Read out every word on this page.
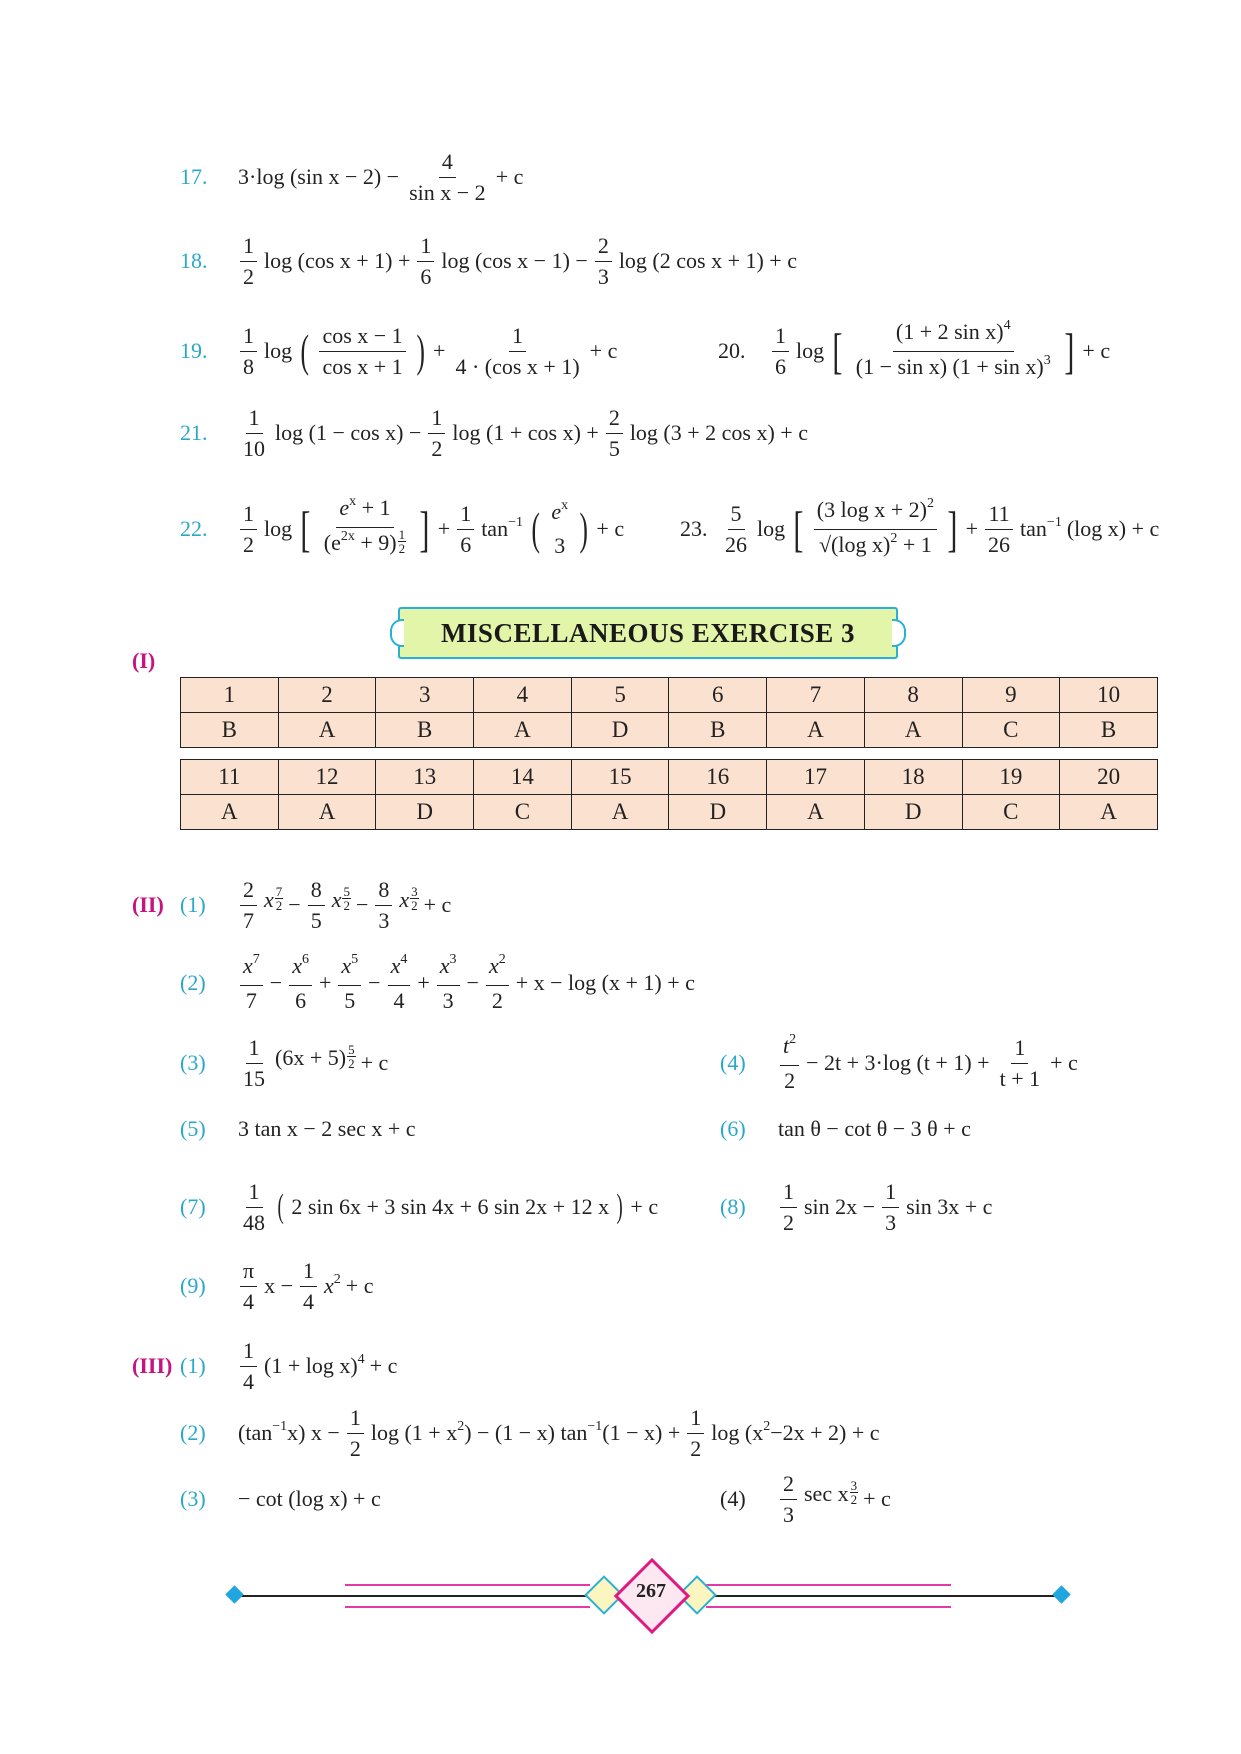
17.	3·log (sin $x - 2) - \frac{4}{\text{sin x − 2}} + c$
18.	$\frac{1}{2}$ log (cos $x + 1) + \frac{1}{6}$ log (cos $x - 1) - \frac{2}{3}$ log (2 cos x + 1) + c
19.	$\frac{1}{8}$ log ( $\frac{\text{cos x − 1}}{\text{cos x + 1}}$ ) + $\frac{1}{\text{4 · (cos x + 1)}} + c$	20.	$\frac{1}{6}$ log [ $\frac{(1 + 2 \sin x)^4}{(1 - \sin x) (1 + \sin x)^3}$ ] + c
21.	$\frac{1}{10}$ $\log (1 - \cos x) - \frac{1}{2}$ $\log (1 + \cos x) + \frac{2}{5}$ log (3 + 2 cos x) + c
22.	$\frac{1}{2}$ log [ $\frac{e^x + 1}{(e^{2x} + 9) \frac{1}{2}}$ ] + $\frac{1}{6} \tan^{-1}$ ( $e^x$
3 ) + c	23. $\frac{5}{26}$ log [ $\frac{(3 \log x + 2)^2}{√(\log x)^2 + 1}$ ] + $\frac{11}{26} \tan^{-1} (\log$ x) + c
MISCELLANEOUS EXERCISE 3
(I)
1	2	3	4	5	6	7	8	9	10
B	A	B	A	D	B	A	A	C	B
11	12	13	14	15	16	17	18	19	20
A	A	D	C	A	D	A	D	C	A
(II) (1)	$\frac{2}{7}$ x $\frac{7}{2} - \frac{8}{5}$ x $\frac{5}{2} - \frac{8}{3}$ x $\frac{3}{2} + c$
(2)	$\frac{x^7}{7} - \frac{x^6}{6} + \frac{x^5}{5} - \frac{x^4}{4} + \frac{x^3}{3} - \frac{x^2}{2} + x - \log (x + 1) + c$
(3)	$\frac{1}{15} (6x + 5) \frac{5}{2} + c$	(4)	$\frac{t^2}{2} - 2t + 3\cdot\log$ $(t + 1) + \frac{1}{t + 1} + c$
(5)	3 tan x − 2 sec x + c	(6)	tan θ − cot θ − 3 θ + c
(7)	$\frac{1}{48}$ ( 2 sin 6x + 3 sin 4x + 6 sin 2x + 12 x ) + c	(8)	$\frac{1}{2}$ $\sin 2x - \frac{1}{3}$ sin 3x + c
(9)	$\frac{\pi}{4}$ $x - \frac{1}{4} x^2 + c$
(III) (1)	$\frac{1}{4} (1 + \log x)^4 + c$
(2)	$(\tan^{-1}x) x - \frac{1}{2}$ $\log (1 + x^2) - (1 - x)$ $\tan^{-1}(1 - x) + \frac{1}{2}$ $\log (x^2-2x + 2) + c$
(3)	− cot (log x) + c	(4)	$\frac{2}{3}$ sec x $\frac{3}{2} + c$
267
